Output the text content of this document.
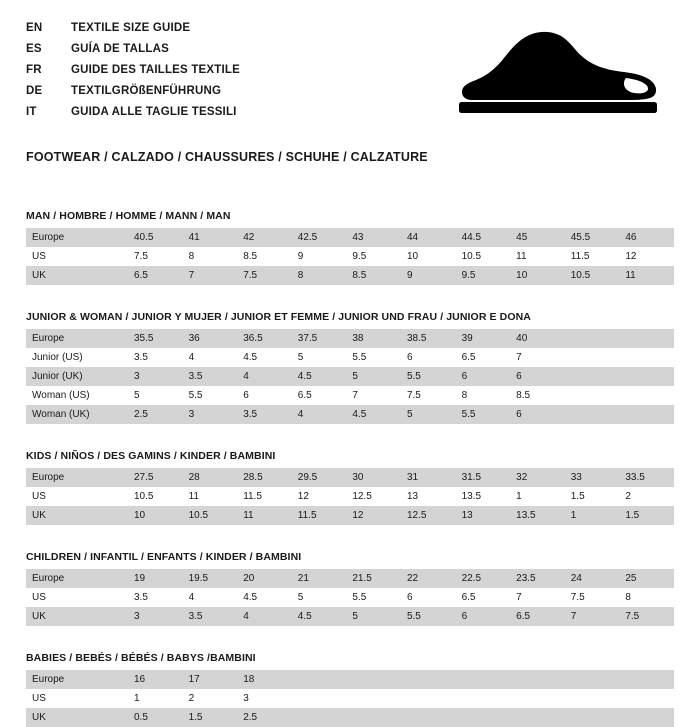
EN	TEXTILE SIZE GUIDE
ES	GUÍA DE TALLAS
FR	GUIDE DES TAILLES TEXTILE
DE	TEXTILGRÖßENFÜHRUNG
IT	GUIDA ALLE TAGLIE TESSILI
FOOTWEAR / CALZADO / CHAUSSURES / SCHUHE / CALZATURE
MAN / HOMBRE / HOMME / MANN / MAN
Europe	40.5	41	42	42.5	43	44	44.5	45	45.5	46
US	7.5	8	8.5	9	9.5	10	10.5	11	11.5	12
UK	6.5	7	7.5	8	8.5	9	9.5	10	10.5	11
JUNIOR & WOMAN / JUNIOR Y MUJER / JUNIOR ET FEMME / JUNIOR UND FRAU / JUNIOR E DONA
Europe	35.5	36	36.5	37.5	38	38.5	39	40		
Junior (US)	3.5	4	4.5	5	5.5	6	6.5	7		
Junior (UK)	3	3.5	4	4.5	5	5.5	6	6		
Woman (US)	5	5.5	6	6.5	7	7.5	8	8.5		
Woman (UK)	2.5	3	3.5	4	4.5	5	5.5	6		
KIDS / NIÑOS / DES GAMINS / KINDER / BAMBINI
Europe	27.5	28	28.5	29.5	30	31	31.5	32	33	33.5
US	10.5	11	11.5	12	12.5	13	13.5	1	1.5	2
UK	10	10.5	11	11.5	12	12.5	13	13.5	1	1.5
CHILDREN / INFANTIL / ENFANTS / KINDER / BAMBINI
Europe	19	19.5	20	21	21.5	22	22.5	23.5	24	25
US	3.5	4	4.5	5	5.5	6	6.5	7	7.5	8
UK	3	3.5	4	4.5	5	5.5	6	6.5	7	7.5
BABIES / BEBÉS / BÉBÉS / BABYS /BAMBINI
Europe	16	17	18							
US	1	2	3							
UK	0.5	1.5	2.5							
